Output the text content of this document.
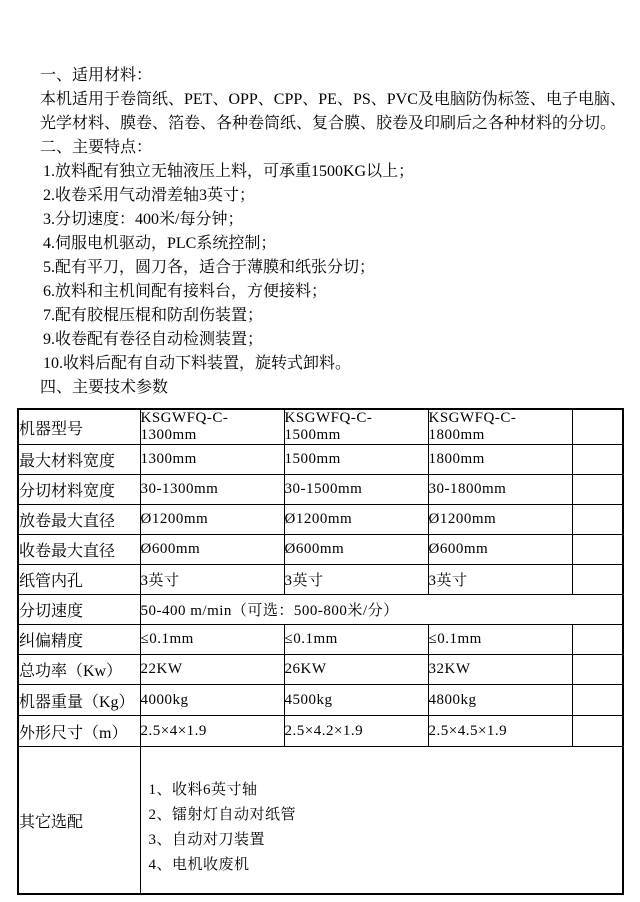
一、适用材料：

本机适用于卷筒纸、PET、OPP、CPP、PE、PS、PVC及电脑防伪标签、电子电脑、

光学材料、膜卷、箔卷、各种卷筒纸、复合膜、胶卷及印刷后之各种材料的分切。

二、主要特点：

1.放料配有独立无轴液压上料，可承重1500KG以上；

2.收卷采用气动滑差轴3英寸；

3.分切速度：400米/每分钟；

4.伺服电机驱动，PLC系统控制；

5.配有平刀，圆刀各，适合于薄膜和纸张分切；

6.放料和主机间配有接料台，方便接料；

7.配有胶棍压棍和防刮伤装置；

9.收卷配有卷径自动检测装置；

10.收料后配有自动下料装置，旋转式卸料。

四、主要技术参数

机器型号	KSGWFQ-C-1300mm	KSGWFQ-C-1500mm	KSGWFQ-C-1800mm	
最大材料宽度	1300mm	1500mm	1800mm	
分切材料宽度	30-1300mm	30-1500mm	30-1800mm	
放卷最大直径	Ø1200mm	Ø1200mm	Ø1200mm	
收卷最大直径	Ø600mm	Ø600mm	Ø600mm	
纸管内孔	3英寸	3英寸	3英寸	
分切速度	50-400 m/min（可选：500-800米/分）			
纠偏精度	≤0.1mm	≤0.1mm	≤0.1mm	
总功率（Kw）	22KW	26KW	32KW	
机器重量（Kg）	4000kg	4500kg	4800kg	
外形尺寸（m）	2.5×4×1.9	2.5×4.2×1.9	2.5×4.5×1.9	
其它选配	1、收料6英寸轴
2、镭射灯自动对纸管
3、自动对刀装置
4、电机收废机			
